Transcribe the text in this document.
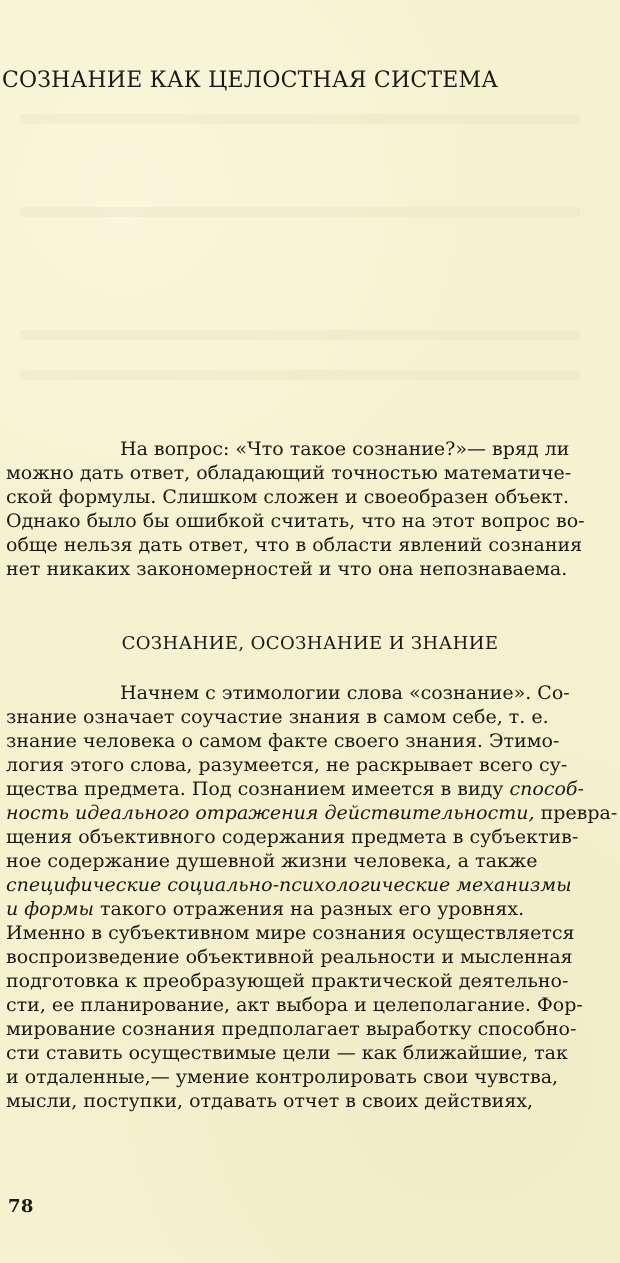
СОЗНАНИЕ КАК ЦЕЛОСТНАЯ СИСТЕМА
На вопрос: «Что такое сознание?»— вряд ли
можно дать ответ, обладающий точностью математиче-
ской формулы. Слишком сложен и своеобразен объект.
Однако было бы ошибкой считать, что на этот вопрос во-
обще нельзя дать ответ, что в области явлений сознания
нет никаких закономерностей и что она непознаваема.
СОЗНАНИЕ, ОСОЗНАНИЕ И ЗНАНИЕ
Начнем с этимологии слова «сознание». Со-
знание означает соучастие знания в самом себе, т. е.
знание человека о самом факте своего знания. Этимо-
логия этого слова, разумеется, не раскрывает всего су-
щества предмета. Под сознанием имеется в виду способ-
ность идеального отражения действительности, превра-
щения объективного содержания предмета в субъектив-
ное содержание душевной жизни человека, а также
специфические социально-психологические механизмы
и формы такого отражения на разных его уровнях.
Именно в субъективном мире сознания осуществляется
воспроизведение объективной реальности и мысленная
подготовка к преобразующей практической деятельно-
сти, ее планирование, акт выбора и целеполагание. Фор-
мирование сознания предполагает выработку способно-
сти ставить осуществимые цели — как ближайшие, так
и отдаленные,— умение контролировать свои чувства,
мысли, поступки, отдавать отчет в своих действиях,
78
